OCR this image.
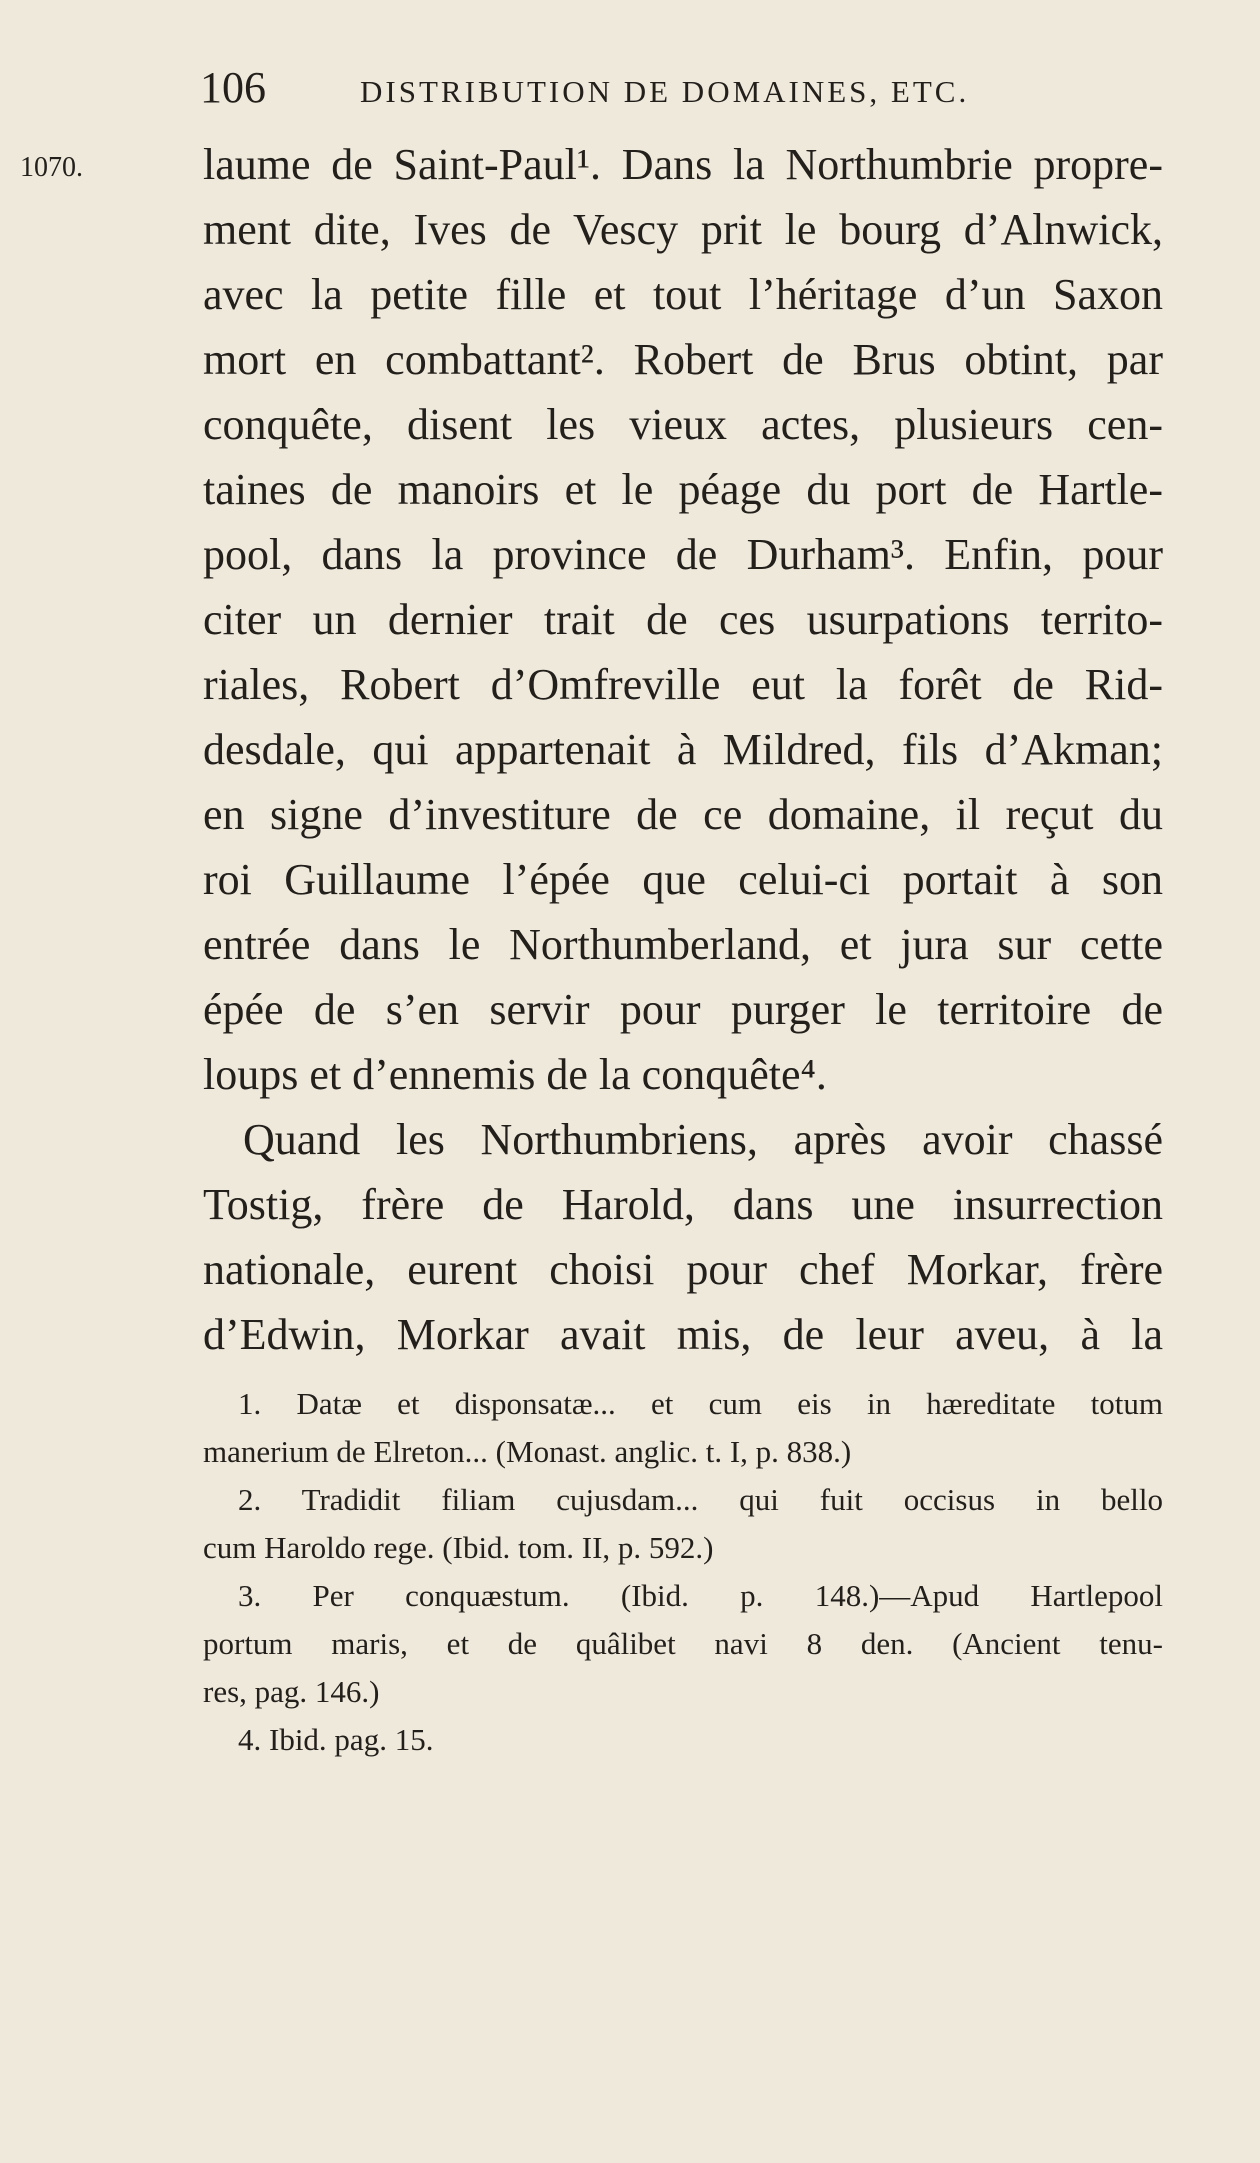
106	DISTRIBUTION DE DOMAINES, ETC.
1070.	laume de Saint-Paul¹. Dans la Northumbrie propre-
ment dite, Ives de Vescy prit le bourg d’Alnwick,
avec la petite fille et tout l’héritage d’un Saxon
mort en combattant². Robert de Brus obtint, par
conquête, disent les vieux actes, plusieurs cen-
taines de manoirs et le péage du port de Hartle-
pool, dans la province de Durham³. Enfin, pour
citer un dernier trait de ces usurpations territo-
riales, Robert d’Omfreville eut la forêt de Rid-
desdale, qui appartenait à Mildred, fils d’Akman;
en signe d’investiture de ce domaine, il reçut du
roi Guillaume l’épée que celui-ci portait à son
entrée dans le Northumberland, et jura sur cette
épée de s’en servir pour purger le territoire de
loups et d’ennemis de la conquête⁴.
Quand les Northumbriens, après avoir chassé
Tostig, frère de Harold, dans une insurrection
nationale, eurent choisi pour chef Morkar, frère
d’Edwin, Morkar avait mis, de leur aveu, à la
1. Datæ et disponsatæ... et cum eis in hæreditate totum
manerium de Elreton... (Monast. anglic. t. I, p. 838.)
2. Tradidit filiam cujusdam... qui fuit occisus in bello
cum Haroldo rege. (Ibid. tom. II, p. 592.)
3. Per conquæstum. (Ibid. p. 148.)—Apud Hartlepool
portum maris, et de quâlibet navi 8 den. (Ancient tenu-
res, pag. 146.)
4. Ibid. pag. 15.
